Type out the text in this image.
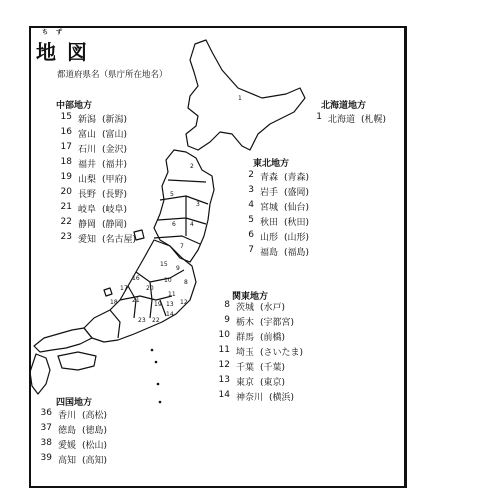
ちず
地 図
都道府県名（県庁所在地名）
1
2
3
5
6 4
7
15
9
10 8
20
11
16
17
21
19 13 12
14
18
23 22
中部地方
15 新潟 (新潟)
16 富山 (富山)
17 石川 (金沢)
18 福井 (福井)
19 山梨 (甲府)
20 長野 (長野)
21 岐阜 (岐阜)
22 静岡 (静岡)
23 愛知 (名古屋)
北海道地方
1 北海道 (札幌)
東北地方
2 青森 (青森)
3 岩手 (盛岡)
4 宮城 (仙台)
5 秋田 (秋田)
6 山形 (山形)
7 福島 (福島)
関東地方
8 茨城 (水戸)
9 栃木 (宇都宮)
10 群馬 (前橋)
11 埼玉 (さいたま)
12 千葉 (千葉)
13 東京 (東京)
14 神奈川 (横浜)
四国地方
36 香川 (高松)
37 徳島 (徳島)
38 愛媛 (松山)
39 高知 (高知)
